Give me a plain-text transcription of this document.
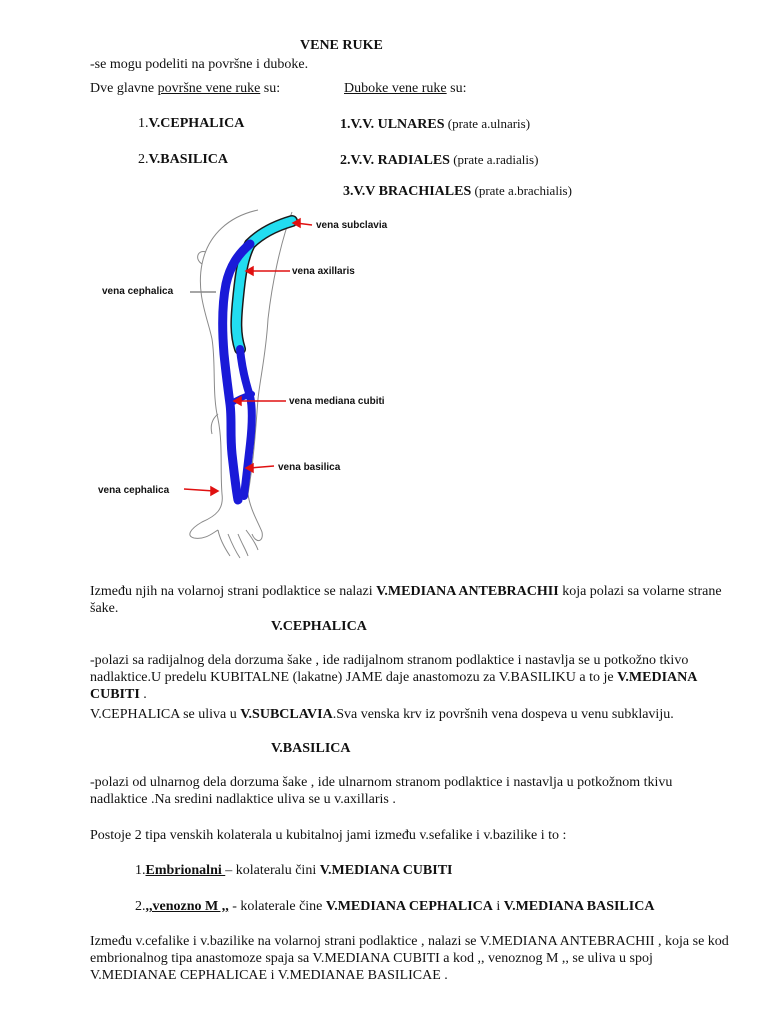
VENE RUKE
-se mogu podeliti na površne i duboke.
Dve glavne površne vene ruke su:	Duboke vene ruke su:
1.V.CEPHALICA
2.V.BASILICA
1.V.V. ULNARES (prate a.ulnaris)
2.V.V. RADIALES (prate a.radialis)
3.V.V BRACHIALES (prate a.brachialis)
vena subclavia
vena axillaris
vena cephalica
vena mediana cubiti
vena basilica
vena cephalica
Između njih na volarnoj strani podlaktice se nalazi V.MEDIANA ANTEBRACHII koja polazi sa volarne strane šake.
V.CEPHALICA
-polazi sa radijalnog dela dorzuma šake , ide radijalnom stranom podlaktice i nastavlja se u potkožno tkivo nadlaktice.U predelu KUBITALNE (lakatne) JAME daje anastomozu za V.BASILIKU a to je V.MEDIANA CUBITI .
V.CEPHALICA se uliva u V.SUBCLAVIA.Sva venska krv iz površnih vena dospeva u venu subklaviju.
V.BASILICA
-polazi od ulnarnog dela dorzuma šake , ide ulnarnom stranom podlaktice i nastavlja u potkožnom tkivu nadlaktice .Na sredini nadlaktice uliva se u v.axillaris .
Postoje 2 tipa venskih kolaterala u kubitalnoj jami između v.sefalike i v.bazilike i to :
1.Embrionalni – kolateralu čini V.MEDIANA CUBITI
2.,,venozno M ,, - kolaterale čine V.MEDIANA CEPHALICA i V.MEDIANA BASILICA
Između v.cefalike i v.bazilike na volarnoj strani podlaktice , nalazi se V.MEDIANA ANTEBRACHII , koja se kod embrionalnog tipa anastomoze spaja sa V.MEDIANA CUBITI a kod ,, venoznog M ,, se uliva u spoj V.MEDIANAE CEPHALICAE i V.MEDIANAE BASILICAE .
